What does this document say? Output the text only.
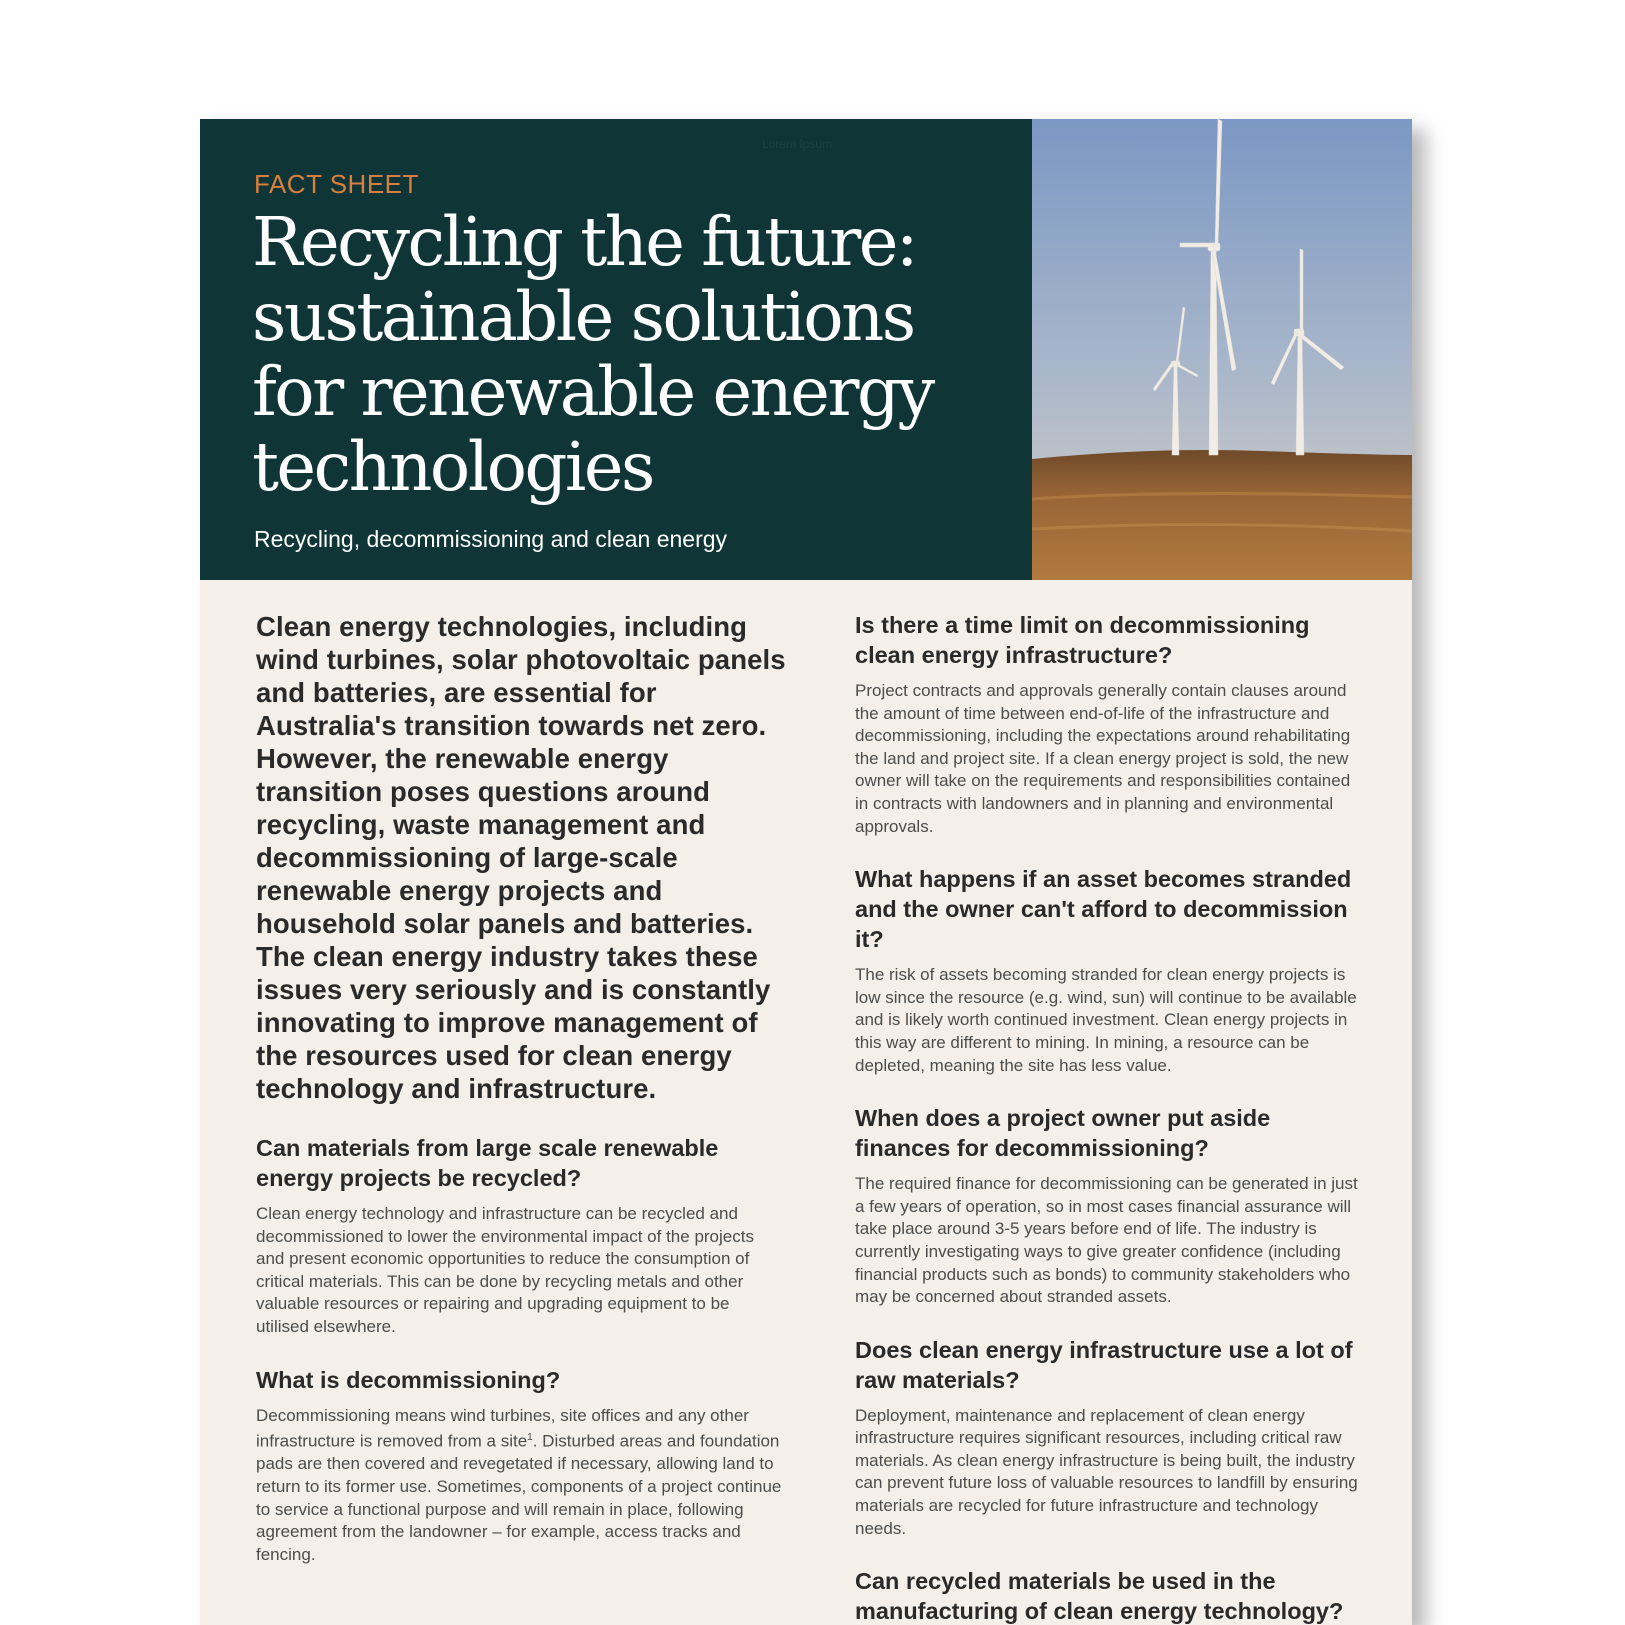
Lorem Ipsum
FACT SHEET
Recycling the future: sustainable solutions for renewable energy technologies
Recycling, decommissioning and clean energy

Clean energy technologies, including wind turbines, solar photovoltaic panels and batteries, are essential for Australia's transition towards net zero. However, the renewable energy transition poses questions around recycling, waste management and decommissioning of large-scale renewable energy projects and household solar panels and batteries. The clean energy industry takes these issues very seriously and is constantly innovating to improve management of the resources used for clean energy technology and infrastructure.

Can materials from large scale renewable energy projects be recycled?

Clean energy technology and infrastructure can be recycled and decommissioned to lower the environmental impact of the projects and present economic opportunities to reduce the consumption of critical materials. This can be done by recycling metals and other valuable resources or repairing and upgrading equipment to be utilised elsewhere.

What is decommissioning?

Decommissioning means wind turbines, site offices and any other infrastructure is removed from a site$^1$. Disturbed areas and foundation pads are then covered and revegetated if necessary, allowing land to return to its former use. Sometimes, components of a project continue to service a functional purpose and will remain in place, following agreement from the landowner – for example, access tracks and fencing.

Is there a time limit on decommissioning clean energy infrastructure?

Project contracts and approvals generally contain clauses around the amount of time between end-of-life of the infrastructure and decommissioning, including the expectations around rehabilitating the land and project site. If a clean energy project is sold, the new owner will take on the requirements and responsibilities contained in contracts with landowners and in planning and environmental approvals.

What happens if an asset becomes stranded and the owner can't afford to decommission it?

The risk of assets becoming stranded for clean energy projects is low since the resource (e.g. wind, sun) will continue to be available and is likely worth continued investment. Clean energy projects in this way are different to mining. In mining, a resource can be depleted, meaning the site has less value.

When does a project owner put aside finances for decommissioning?

The required finance for decommissioning can be generated in just a few years of operation, so in most cases financial assurance will take place around 3-5 years before end of life. The industry is currently investigating ways to give greater confidence (including financial products such as bonds) to community stakeholders who may be concerned about stranded assets.

Does clean energy infrastructure use a lot of raw materials?

Deployment, maintenance and replacement of clean energy infrastructure requires significant resources, including critical raw materials. As clean energy infrastructure is being built, the industry can prevent future loss of valuable resources to landfill by ensuring materials are recycled for future infrastructure and technology needs.

Can recycled materials be used in the manufacturing of clean energy technology?
